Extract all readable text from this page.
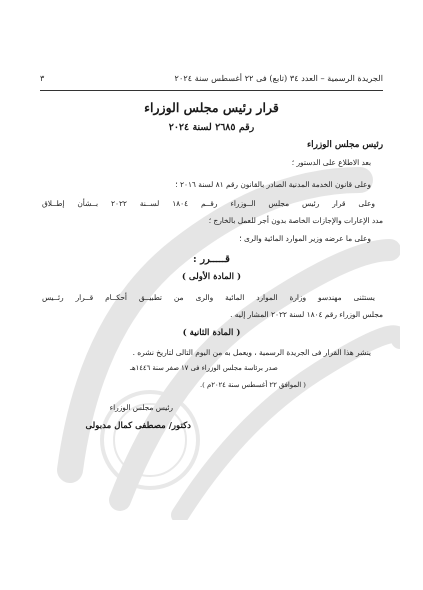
الجريدة الرسمية – العدد ٣٤ (تابع) فى ٢٢ أغسطس سنة ٢٠٢٤
٣
قرار رئيس مجلس الوزراء
رقم ٢٦٨٥ لسنة ٢٠٢٤
رئيس مجلس الوزراء
بعد الاطلاع على الدستور ؛
وعلى قانون الخدمة المدنية الصادر بالقانون رقم ٨١ لسنة ٢٠١٦ ؛
وعلى قرار رئيس مجلس الــوزراء رقــم ١٨٠٤ لســنة ٢٠٢٢ بــشأن إطــلاق
مدد الإعارات والإجازات الخاصة بدون أجر للعمل بالخارج ؛
وعلى ما عرضه وزير الموارد المائية والرى ؛
قـــــرر :
( المادة الأولى )
يستثنى مهندسو وزارة الموارد المائية والرى من تطبيــق أحكــام قــرار رئــيس
مجلس الوزراء رقم ١٨٠٤ لسنة ٢٠٢٢ المشار إليه .
( المادة الثانية )
ينشر هذا القرار فى الجريدة الرسمية ، ويعمل به من اليوم التالى لتاريخ نشره .
صدر برئاسة مجلس الوزراء فى ١٧ صفر سنة ١٤٤٦هـ
( الموافق ٢٢ أغسطس سنة ٢٠٢٤م ).
رئيس مجلس الوزراء
دكتور/ مصطفى كمال مدبولى
